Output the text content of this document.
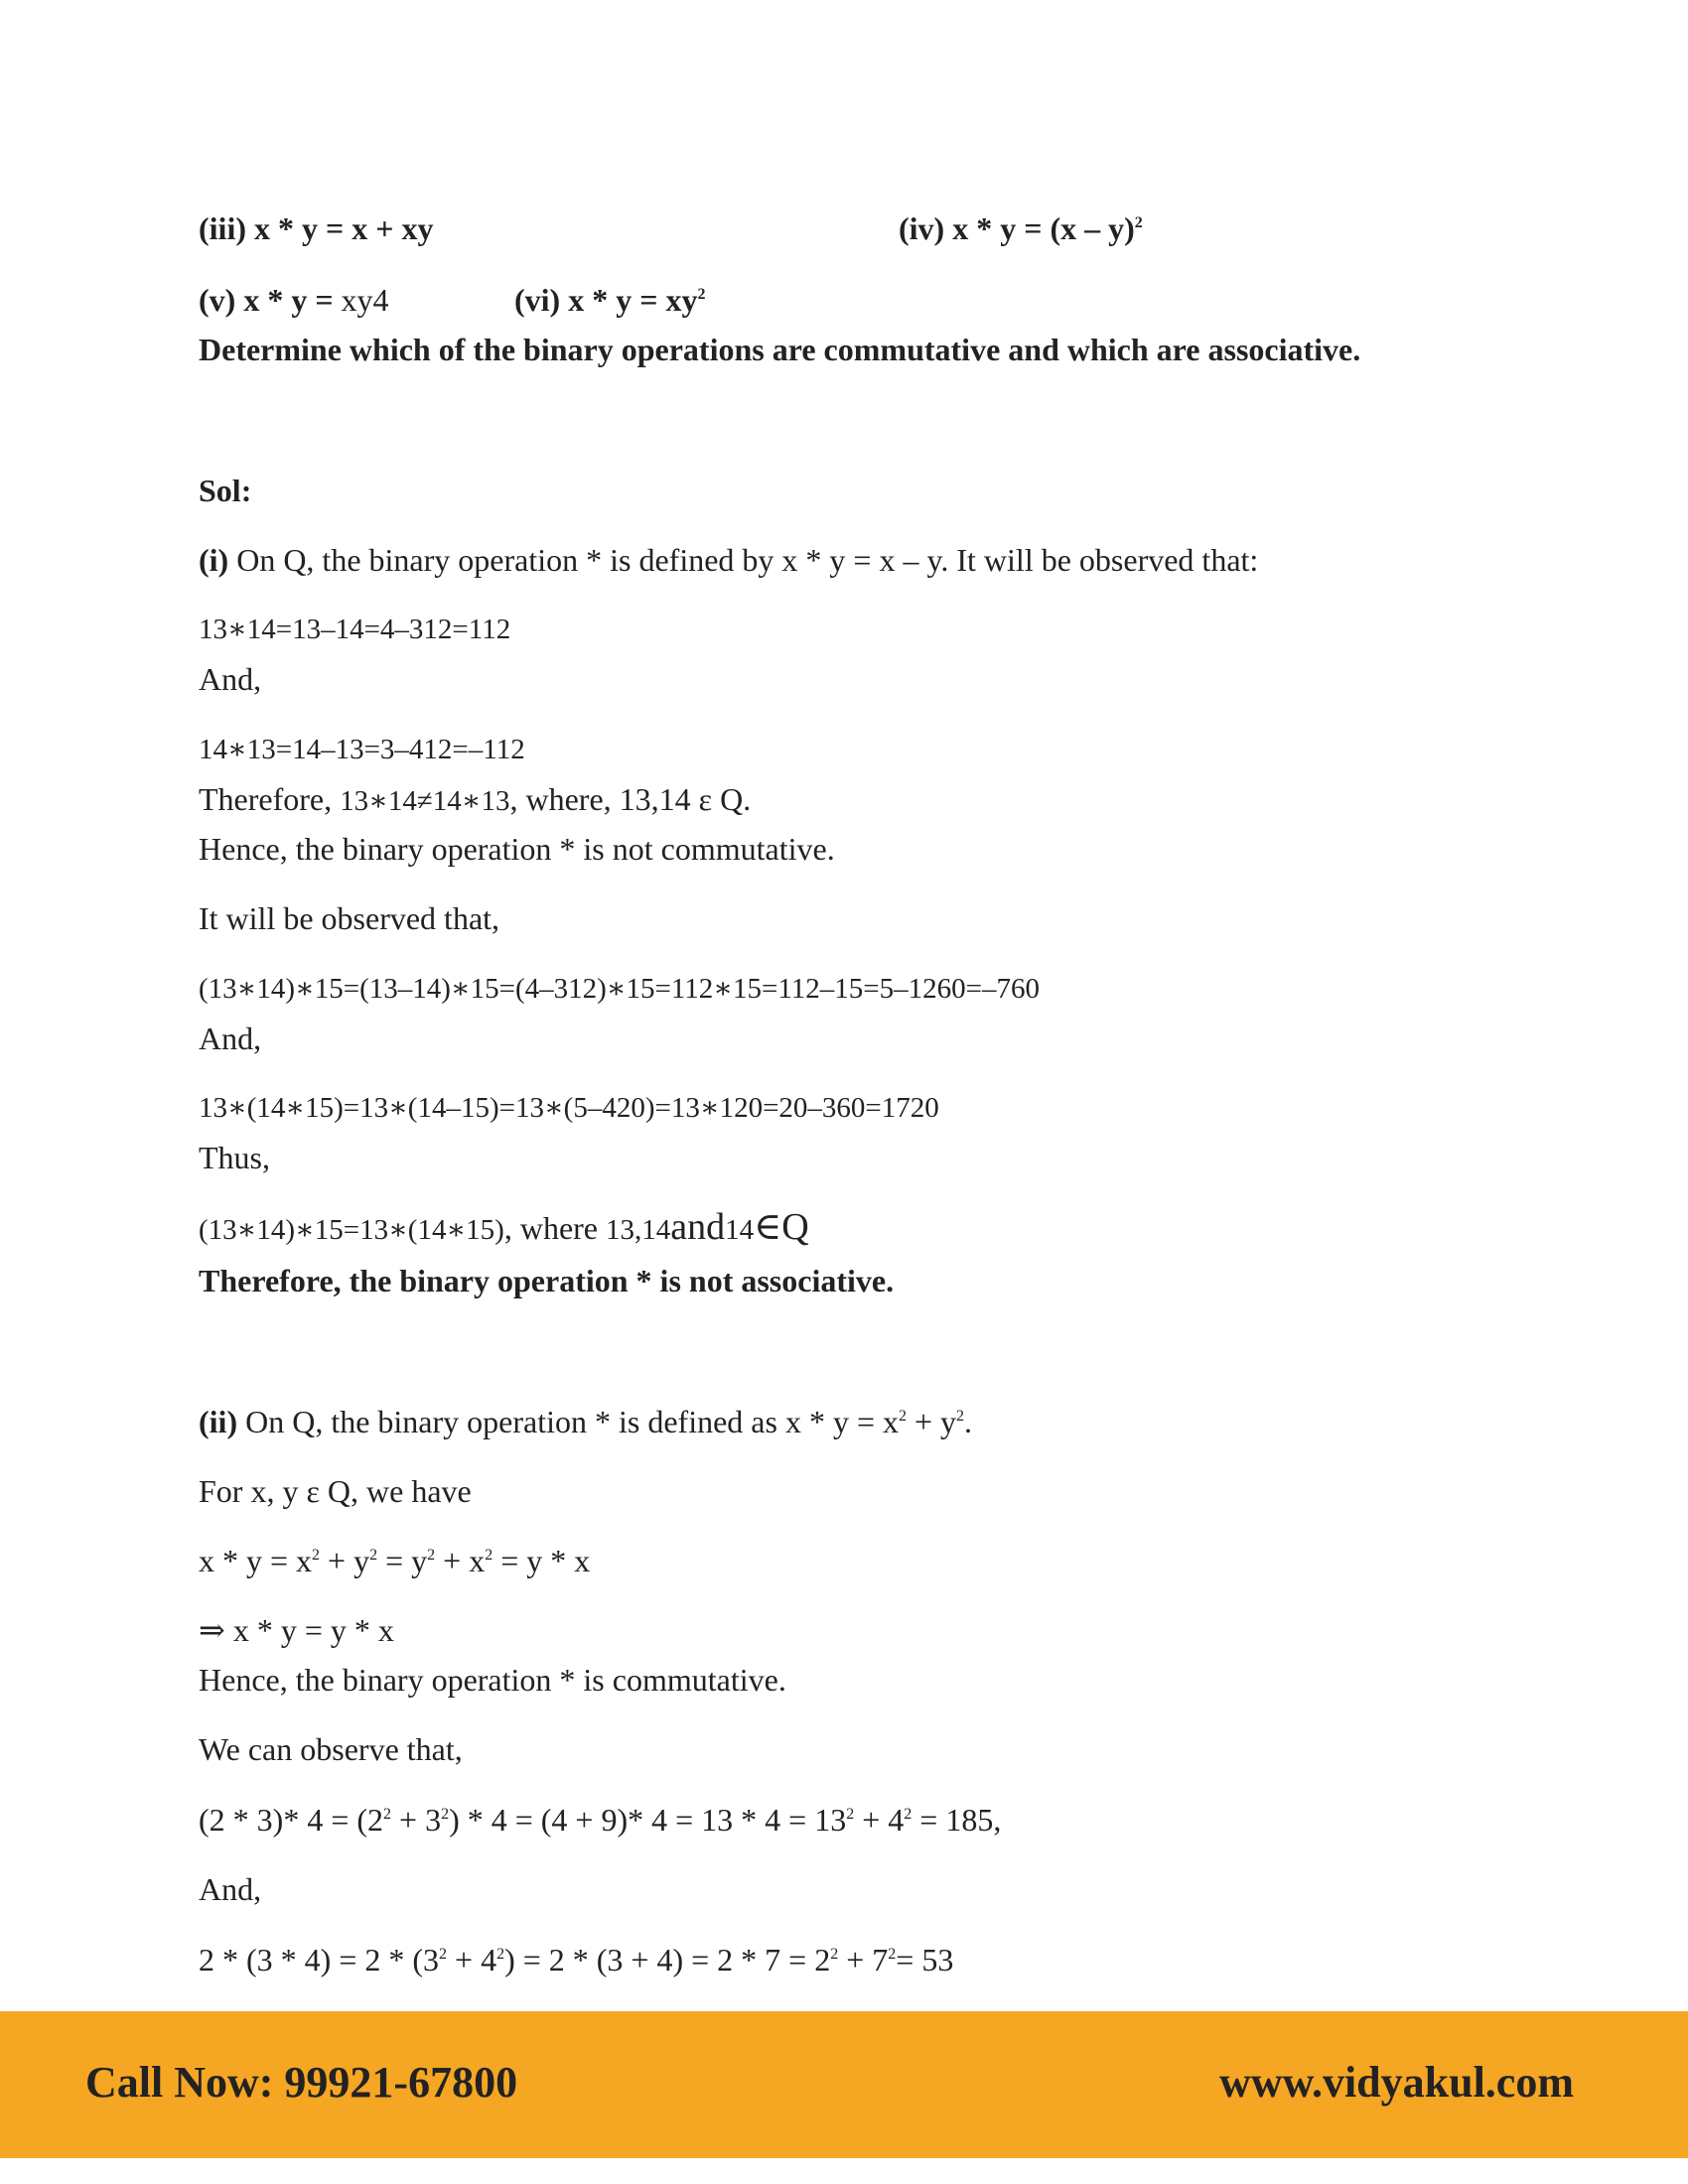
(iii) x * y = x + xy	(iv) x * y = (x – y)$^2$
(v) x * y = xy4	(vi) $x * y = xy^2$
Determine which of the binary operations are commutative and which are associative.
Sol:
(i) On Q, the binary operation * is defined by x * y = x – y. It will be observed that:
13∗14=13–14=4–312=112
And,
14∗13=14–13=3–412=–112
Therefore, 13∗14≠14∗13, where, 13,14 ε Q.
Hence, the binary operation * is not commutative.
It will be observed that,
(13∗14)∗15=(13–14)∗15=(4–312)∗15=112∗15=112–15=5–1260=–760
And,
13∗(14∗15)=13∗(14–15)=13∗(5–420)=13∗120=20–360=1720
Thus,
(13∗14)∗15=13∗(14∗15), where 13,14and14∈Q
Therefore, the binary operation * is not associative.
(ii) On Q, the binary operation * is defined as $x * y = x^2 + y^2$.
For x, y ε Q, we have
$x * y = x^2 + y^2 = y^2 + x^2 = y * x$
⇒ x * y = y * x
Hence, the binary operation * is commutative.
We can observe that,
(2 * 3)* $4 = (2^2 + 3^2) * 4 = (4 + 9)*$ $4 = 13 * 4 = 13^2 + 4^2 = 185$,
And,
$2 * (3 * 4) = 2 * (3^2 + 4^2) = 2 * (3 + 4) = 2 * 7 = 2^2 + 7^2= 53$
Call Now: 99921-67800	www.vidyakul.com
